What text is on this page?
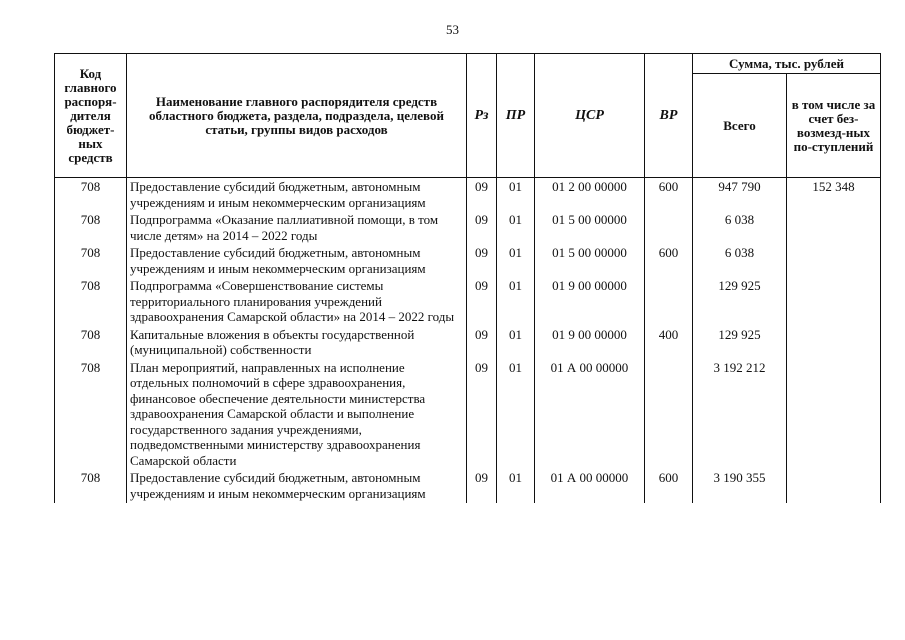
53
Код главного распоря-дителя бюджет-ных средств	Наименование главного распорядителя средств областного бюджета, раздела, подраздела, целевой статьи, группы видов расходов	Рз	ПР	ЦСР	ВР	Сумма, тыс. рублей	
						Всего	в том числе за счет без-возмезд-ных по-ступлений
708	Предоставление субсидий бюджетным, автономным учреждениям и иным некоммерческим организациям	09	01	01 2 00 00000	600	947 790	152 348
708	Подпрограмма «Оказание паллиативной помощи, в том числе детям» на 2014 – 2022 годы	09	01	01 5 00 00000		6 038	
708	Предоставление субсидий бюджетным, автономным учреждениям и иным некоммерческим организациям	09	01	01 5 00 00000	600	6 038	
708	Подпрограмма «Совершенствование системы территориального планирования учреждений здравоохранения Самарской области» на 2014 – 2022 годы	09	01	01 9 00 00000		129 925	
708	Капитальные вложения в объекты государственной (муниципальной) собственности	09	01	01 9 00 00000	400	129 925	
708	План мероприятий, направленных на исполнение отдельных полномочий в сфере здравоохранения, финансовое обеспечение деятельности министерства здравоохранения Самарской области и выполнение государственного задания учреждениями, подведомственными министерству здравоохранения Самарской области	09	01	01 А 00 00000		3 192 212	
708	Предоставление субсидий бюджетным, автономным учреждениям и иным некоммерческим организациям	09	01	01 А 00 00000	600	3 190 355	
